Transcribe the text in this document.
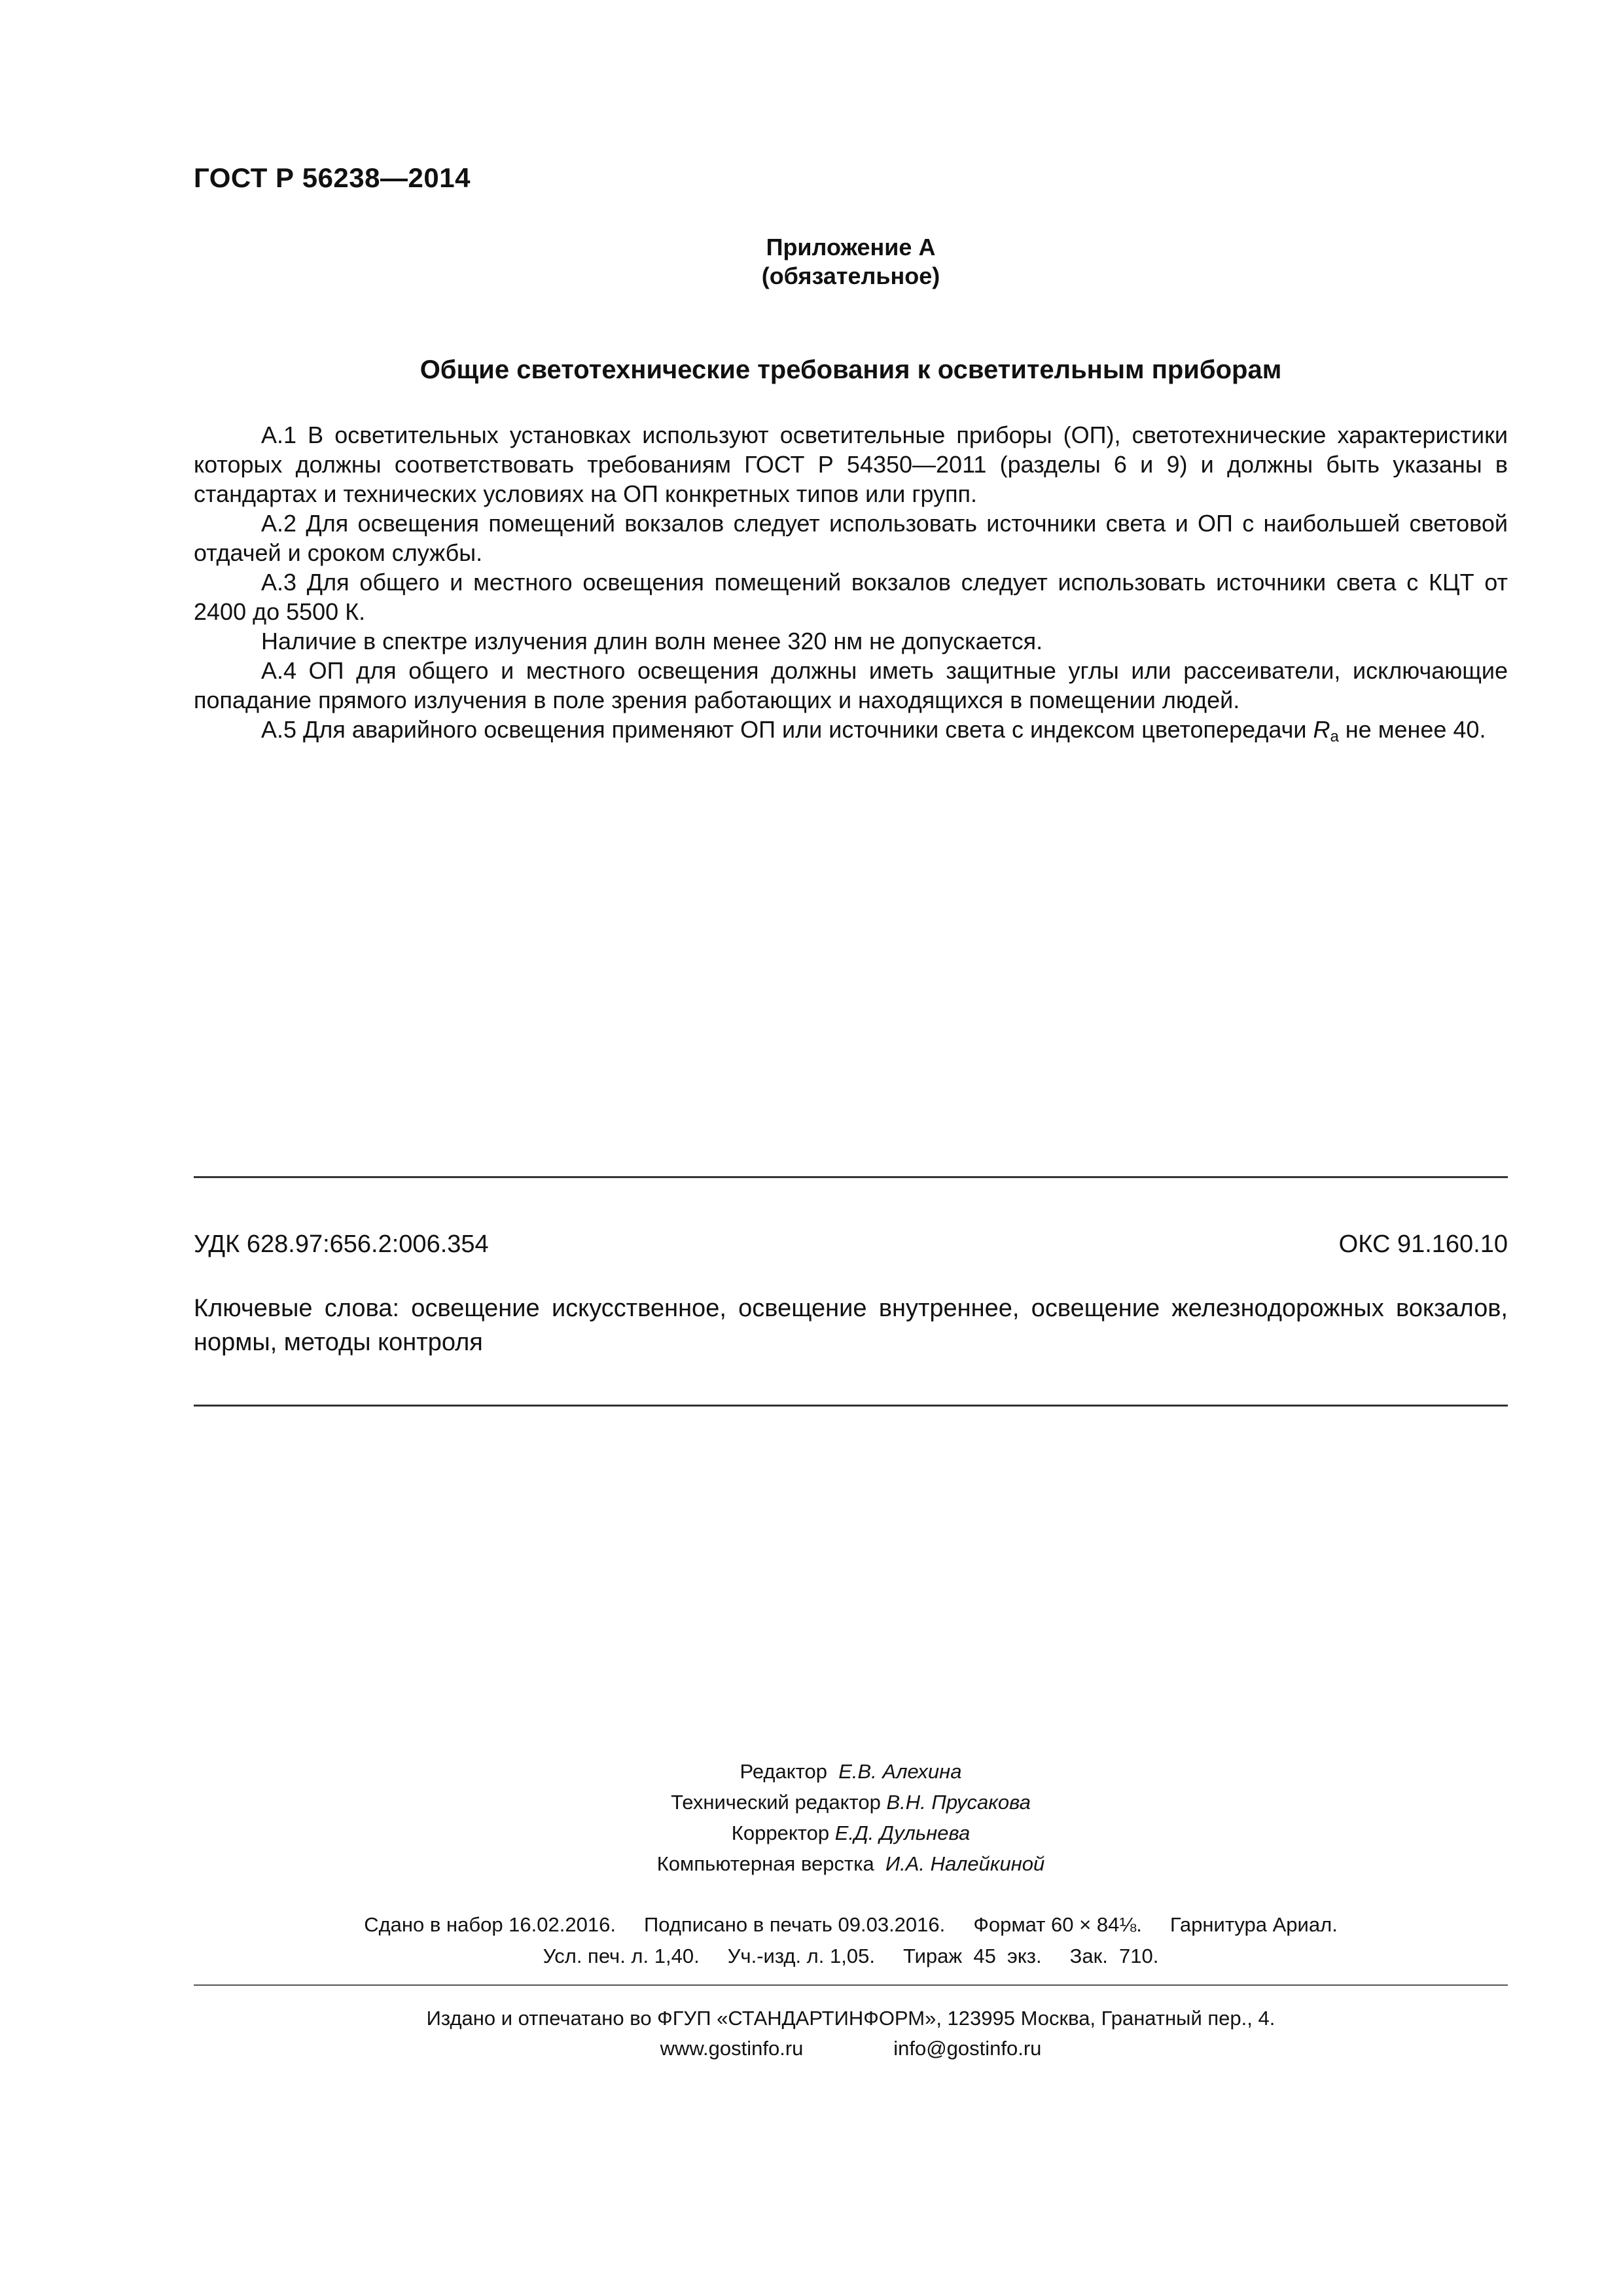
ГОСТ Р 56238—2014
Приложение А
(обязательное)
Общие светотехнические требования к осветительным приборам

А.1 В осветительных установках используют осветительные приборы (ОП), светотехнические характеристики которых должны соответствовать требованиям ГОСТ Р 54350—2011 (разделы 6 и 9) и должны быть указаны в стандартах и технических условиях на ОП конкретных типов или групп.

А.2 Для освещения помещений вокзалов следует использовать источники света и ОП с наибольшей световой отдачей и сроком службы.

А.3 Для общего и местного освещения помещений вокзалов следует использовать источники света с КЦТ от 2400 до 5500 К.

Наличие в спектре излучения длин волн менее 320 нм не допускается.

А.4 ОП для общего и местного освещения должны иметь защитные углы или рассеиватели, исключающие попадание прямого излучения в поле зрения работающих и находящихся в помещении людей.

А.5 Для аварийного освещения применяют ОП или источники света с индексом цветопередачи $R_a$ не менее 40.

УДК 628.97:656.2:006.354	ОКС 91.160.10
Ключевые слова: освещение искусственное, освещение внутреннее, освещение железнодорожных вокзалов, нормы, методы контроля
Редактор Е.В. Алехина
Технический редактор В.Н. Прусакова
Корректор Е.Д. Дульнева
Компьютерная верстка И.А. Налейкиной
Сдано в набор 16.02.2016.     Подписано в печать 09.03.2016.     Формат 60 × 84⅛.     Гарнитура Ариал.
Усл. печ. л. 1,40.     Уч.-изд. л. 1,05.     Тираж  45  экз.     Зак.  710.
Издано и отпечатано во ФГУП «СТАНДАРТИНФОРМ», 123995 Москва, Гранатный пер., 4.
www.gostinfo.ru	info@gostinfo.ru
